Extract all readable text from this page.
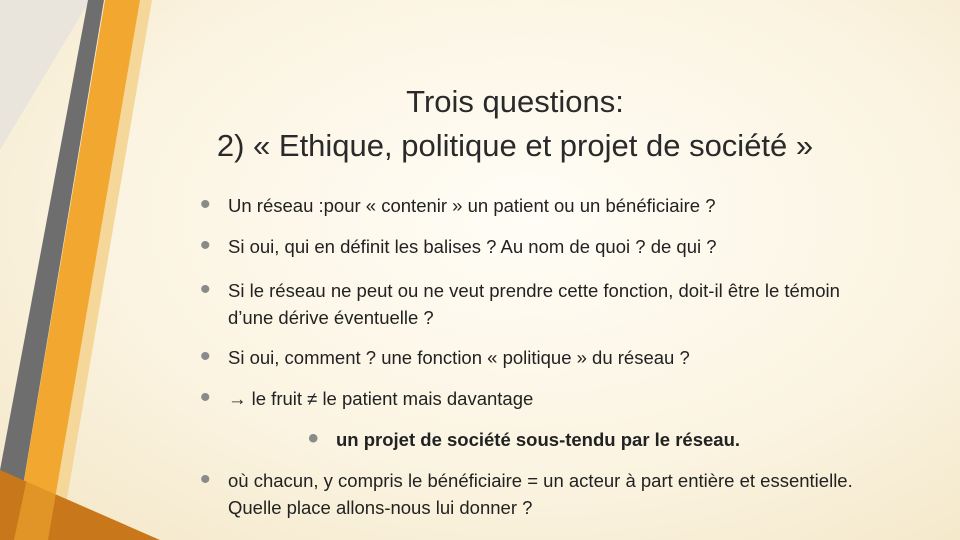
Trois questions:
2) « Ethique, politique et projet de société »
• Un réseau :pour « contenir » un patient ou un bénéficiaire ?
• Si oui, qui en définit les balises ? Au nom de quoi ? de qui ?
• Si le réseau ne peut ou ne veut prendre cette fonction, doit-il être le témoin d’une dérive éventuelle ?
• Si oui, comment ? une fonction « politique » du réseau ?
• → le fruit ≠ le patient mais davantage
• un projet de société sous-tendu par le réseau.
• où chacun, y compris le bénéficiaire = un acteur à part entière et essentielle. Quelle place allons-nous lui donner ?
